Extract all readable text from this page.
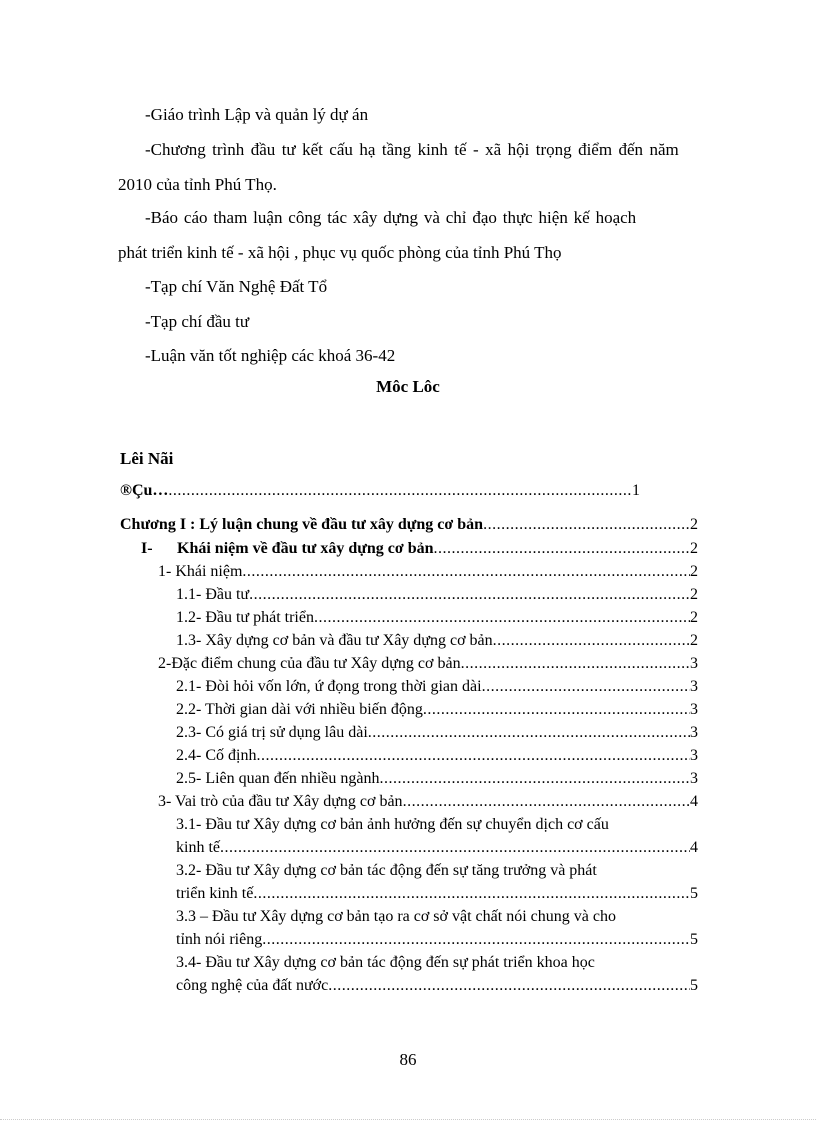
-Giáo trình Lập và quản lý dự án
-Chương trình đầu tư kết cấu hạ tầng kinh tế - xã hội trọng điểm đến năm
2010 của tỉnh Phú Thọ.
-Báo cáo tham luận công tác xây dựng và chỉ đạo thực hiện kế hoạch
phát triển kinh tế - xã hội , phục vụ quốc phòng của tỉnh Phú Thọ
-Tạp chí Văn Nghệ Đất Tổ
-Tạp chí đầu tư
-Luận văn tốt nghiệp các khoá 36-42
Môc Lôc
Lêi Nãi
®Çu… .....	1
Chương I : Lý luận chung về đầu tư xây dựng cơ bản .....	2
I- Khái niệm về đầu tư xây dựng cơ bản .....	2
1- Khái niệm .....	2
1.1- Đầu tư .....	2
1.2- Đầu tư phát triển .....	2
1.3- Xây dựng cơ bản và đầu tư Xây dựng cơ bản .....	2
2-Đặc điểm chung của đầu tư Xây dựng cơ bản .....	3
2.1- Đòi hỏi vốn lớn, ứ đọng trong thời gian dài .....	3
2.2- Thời gian dài với nhiều biến động .....	3
2.3- Có giá trị sử dụng lâu dài .....	3
2.4- Cố định .....	3
2.5- Liên quan đến nhiều ngành .....	3
3- Vai trò của đầu tư Xây dựng cơ bản .....	4
3.1- Đầu tư Xây dựng cơ bản ảnh hưởng đến sự chuyển dịch cơ cấu
kinh tế .....	4
3.2- Đầu tư Xây dựng cơ bản tác động đến sự tăng trưởng và phát
triển kinh tế .....	5
3.3 – Đầu tư Xây dựng cơ bản tạo ra cơ sở vật chất nói chung và cho
tỉnh nói riêng .....	5
3.4- Đầu tư Xây dựng cơ bản tác động đến sự phát triển khoa học
công nghệ của đất nước .....	5
86
